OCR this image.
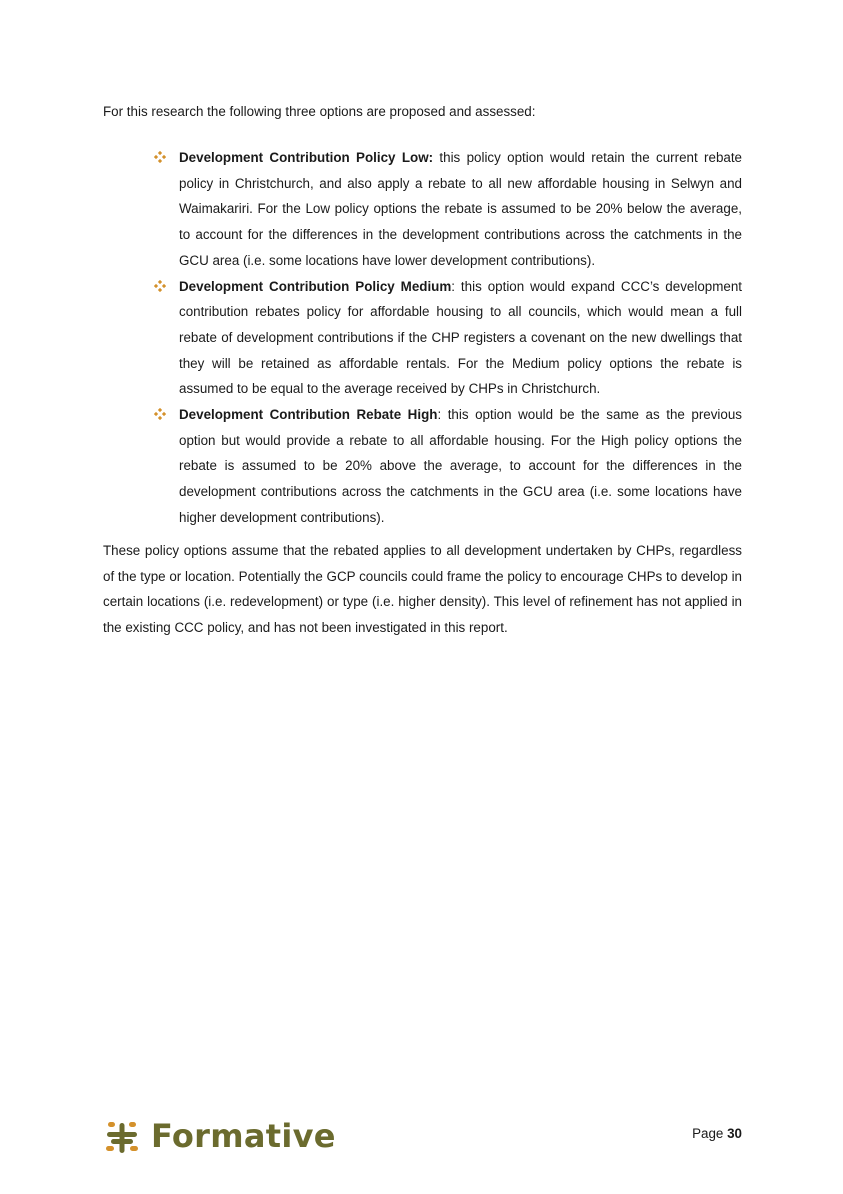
For this research the following three options are proposed and assessed:

Development Contribution Policy Low: this policy option would retain the current rebate policy in Christchurch, and also apply a rebate to all new affordable housing in Selwyn and Waimakariri. For the Low policy options the rebate is assumed to be 20% below the average, to account for the differences in the development contributions across the catchments in the GCU area (i.e. some locations have lower development contributions).
Development Contribution Policy Medium: this option would expand CCC’s development contribution rebates policy for affordable housing to all councils, which would mean a full rebate of development contributions if the CHP registers a covenant on the new dwellings that they will be retained as affordable rentals. For the Medium policy options the rebate is assumed to be equal to the average received by CHPs in Christchurch.
Development Contribution Rebate High: this option would be the same as the previous option but would provide a rebate to all affordable housing. For the High policy options the rebate is assumed to be 20% above the average, to account for the differences in the development contributions across the catchments in the GCU area (i.e. some locations have higher development contributions).

These policy options assume that the rebated applies to all development undertaken by CHPs, regardless of the type or location. Potentially the GCP councils could frame the policy to encourage CHPs to develop in certain locations (i.e. redevelopment) or type (i.e. higher density). This level of refinement has not applied in the existing CCC policy, and has not been investigated in this report.

Formative	Page 30
